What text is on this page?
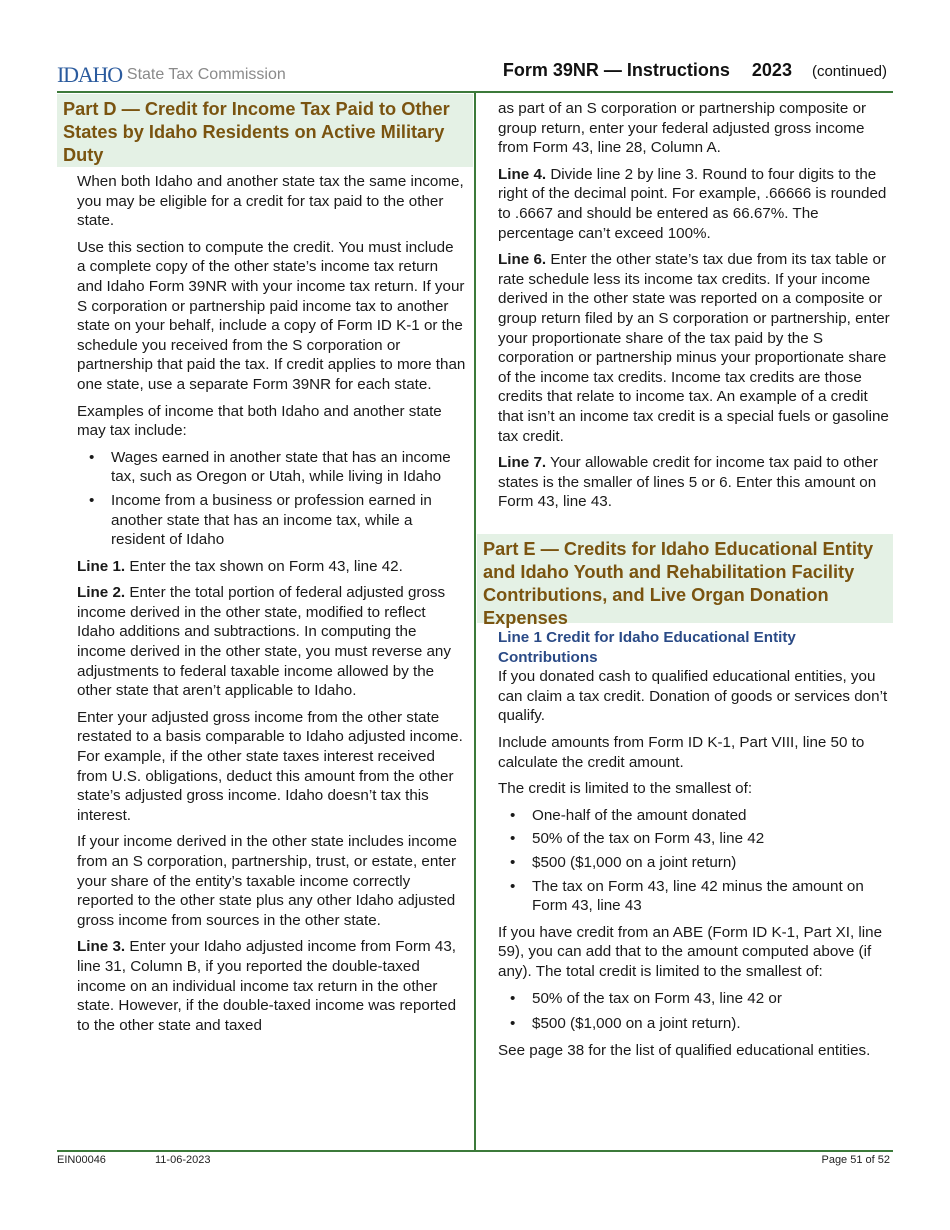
IDAHO State Tax Commission	Form 39NR — Instructions 2023 (continued)
Part D — Credit for Income Tax Paid to Other States by Idaho Residents on Active Military Duty

When both Idaho and another state tax the same income, you may be eligible for a credit for tax paid to the other state.

Use this section to compute the credit. You must include a complete copy of the other state’s income tax return and Idaho Form 39NR with your income tax return. If your S corporation or partnership paid income tax to another state on your behalf, include a copy of Form ID K-1 or the schedule you received from the S corporation or partnership that paid the tax. If credit applies to more than one state, use a separate Form 39NR for each state.

Examples of income that both Idaho and another state may tax include:

• Wages earned in another state that has an income tax, such as Oregon or Utah, while living in Idaho
• Income from a business or profession earned in another state that has an income tax, while a resident of Idaho

Line 1. Enter the tax shown on Form 43, line 42.

Line 2. Enter the total portion of federal adjusted gross income derived in the other state, modified to reflect Idaho additions and subtractions. In computing the income derived in the other state, you must reverse any adjustments to federal taxable income allowed by the other state that aren’t applicable to Idaho.

Enter your adjusted gross income from the other state restated to a basis comparable to Idaho adjusted income. For example, if the other state taxes interest received from U.S. obligations, deduct this amount from the other state’s adjusted gross income. Idaho doesn’t tax this interest.

If your income derived in the other state includes income from an S corporation, partnership, trust, or estate, enter your share of the entity’s taxable income correctly reported to the other state plus any other Idaho adjusted gross income from sources in the other state.

Line 3. Enter your Idaho adjusted income from Form 43, line 31, Column B, if you reported the double-taxed income on an individual income tax return in the other state. However, if the double-taxed income was reported to the other state and taxed

as part of an S corporation or partnership composite or group return, enter your federal adjusted gross income from Form 43, line 28, Column A.

Line 4. Divide line 2 by line 3. Round to four digits to the right of the decimal point. For example, .66666 is rounded to .6667 and should be entered as 66.67%. The percentage can’t exceed 100%.

Line 6. Enter the other state’s tax due from its tax table or rate schedule less its income tax credits. If your income derived in the other state was reported on a composite or group return filed by an S corporation or partnership, enter your proportionate share of the tax paid by the S corporation or partnership minus your proportionate share of the income tax credits. Income tax credits are those credits that relate to income tax. An example of a credit that isn’t an income tax credit is a special fuels or gasoline tax credit.

Line 7. Your allowable credit for income tax paid to other states is the smaller of lines 5 or 6. Enter this amount on Form 43, line 43.

Part E — Credits for Idaho Educational Entity and Idaho Youth and Rehabilitation Facility Contributions, and Live Organ Donation Expenses
Line 1 Credit for Idaho Educational Entity Contributions

If you donated cash to qualified educational entities, you can claim a tax credit. Donation of goods or services don’t qualify.

Include amounts from Form ID K-1, Part VIII, line 50 to calculate the credit amount.

The credit is limited to the smallest of:

• One-half of the amount donated
• 50% of the tax on Form 43, line 42
• $500 ($1,000 on a joint return)
• The tax on Form 43, line 42 minus the amount on Form 43, line 43

If you have credit from an ABE (Form ID K-1, Part XI, line 59), you can add that to the amount computed above (if any). The total credit is limited to the smallest of:

• 50% of the tax on Form 43, line 42 or
• $500 ($1,000 on a joint return).

See page 38 for the list of qualified educational entities.

EIN00046	11-06-2023	Page 51 of 52
